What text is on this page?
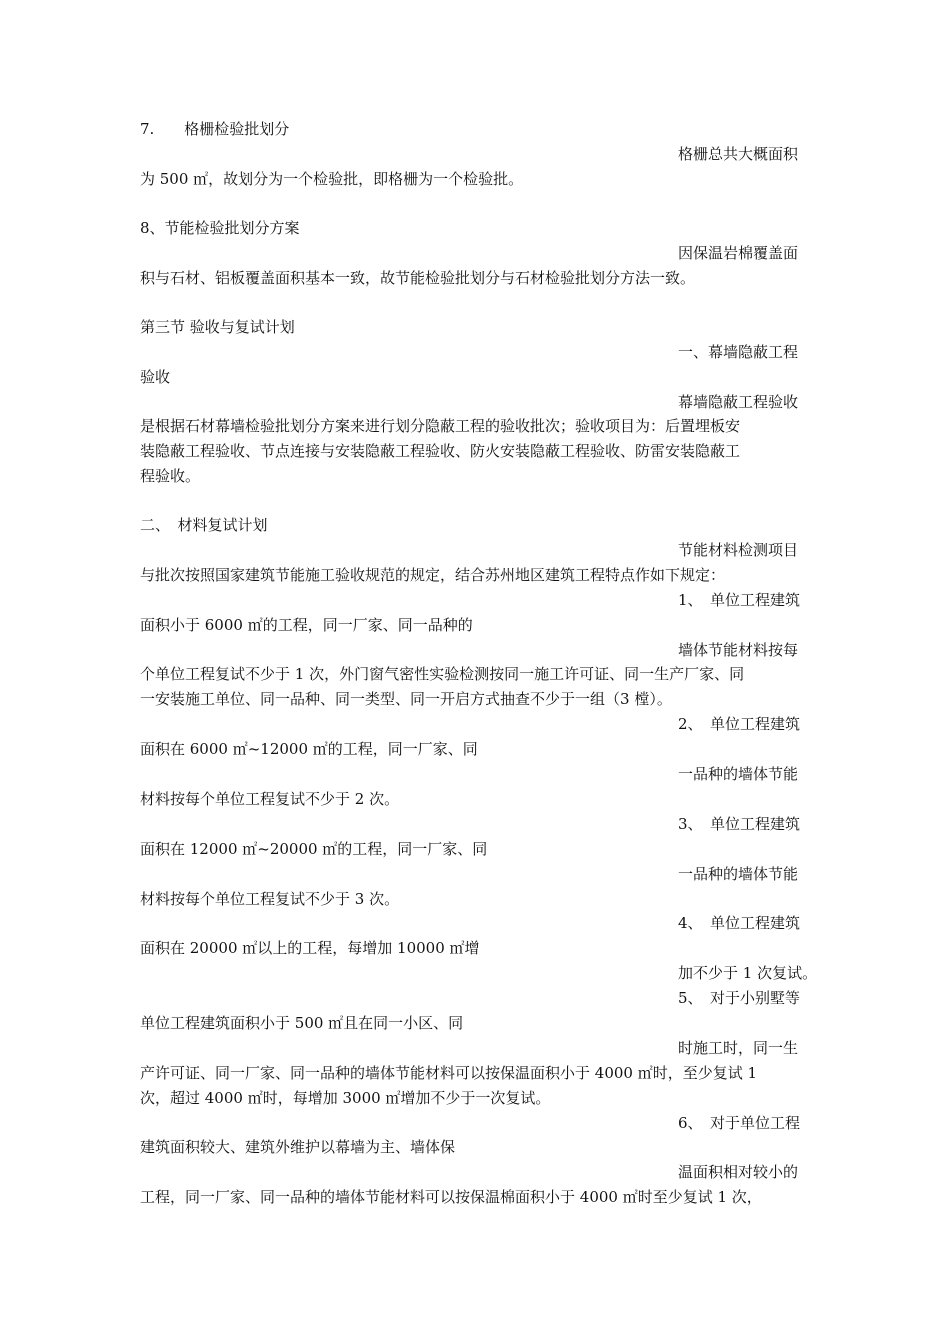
7.　　格栅检验批划分
格栅总共大概面积
为 500 ㎡，故划分为一个检验批，即格栅为一个检验批。
8、节能检验批划分方案
因保温岩棉覆盖面
积与石材、铝板覆盖面积基本一致，故节能检验批划分与石材检验批划分方法一致。
第三节 验收与复试计划
一、幕墙隐蔽工程
验收
幕墙隐蔽工程验收
是根据石材幕墙检验批划分方案来进行划分隐蔽工程的验收批次；验收项目为：后置埋板安
装隐蔽工程验收、节点连接与安装隐蔽工程验收、防火安装隐蔽工程验收、防雷安装隐蔽工
程验收。
二、　材料复试计划
节能材料检测项目
与批次按照国家建筑节能施工验收规范的规定，结合苏州地区建筑工程特点作如下规定：
1、　单位工程建筑
面积小于 6000 ㎡的工程，同一厂家、同一品种的
墙体节能材料按每
个单位工程复试不少于 1 次，外门窗气密性实验检测按同一施工许可证、同一生产厂家、同
一安装施工单位、同一品种、同一类型、同一开启方式抽查不少于一组（3 樘）。
2、　单位工程建筑
面积在 6000 ㎡~12000 ㎡的工程，同一厂家、同
一品种的墙体节能
材料按每个单位工程复试不少于 2 次。
3、　单位工程建筑
面积在 12000 ㎡~20000 ㎡的工程，同一厂家、同
一品种的墙体节能
材料按每个单位工程复试不少于 3 次。
4、　单位工程建筑
面积在 20000 ㎡以上的工程，每增加 10000 ㎡增
加不少于 1 次复试。
5、　对于小别墅等
单位工程建筑面积小于 500 ㎡且在同一小区、同
时施工时，同一生
产许可证、同一厂家、同一品种的墙体节能材料可以按保温面积小于 4000 ㎡时，至少复试 1
次，超过 4000 ㎡时，每增加 3000 ㎡增加不少于一次复试。
6、　对于单位工程
建筑面积较大、建筑外维护以幕墙为主、墙体保
温面积相对较小的
工程，同一厂家、同一品种的墙体节能材料可以按保温棉面积小于 4000 ㎡时至少复试 1 次，
